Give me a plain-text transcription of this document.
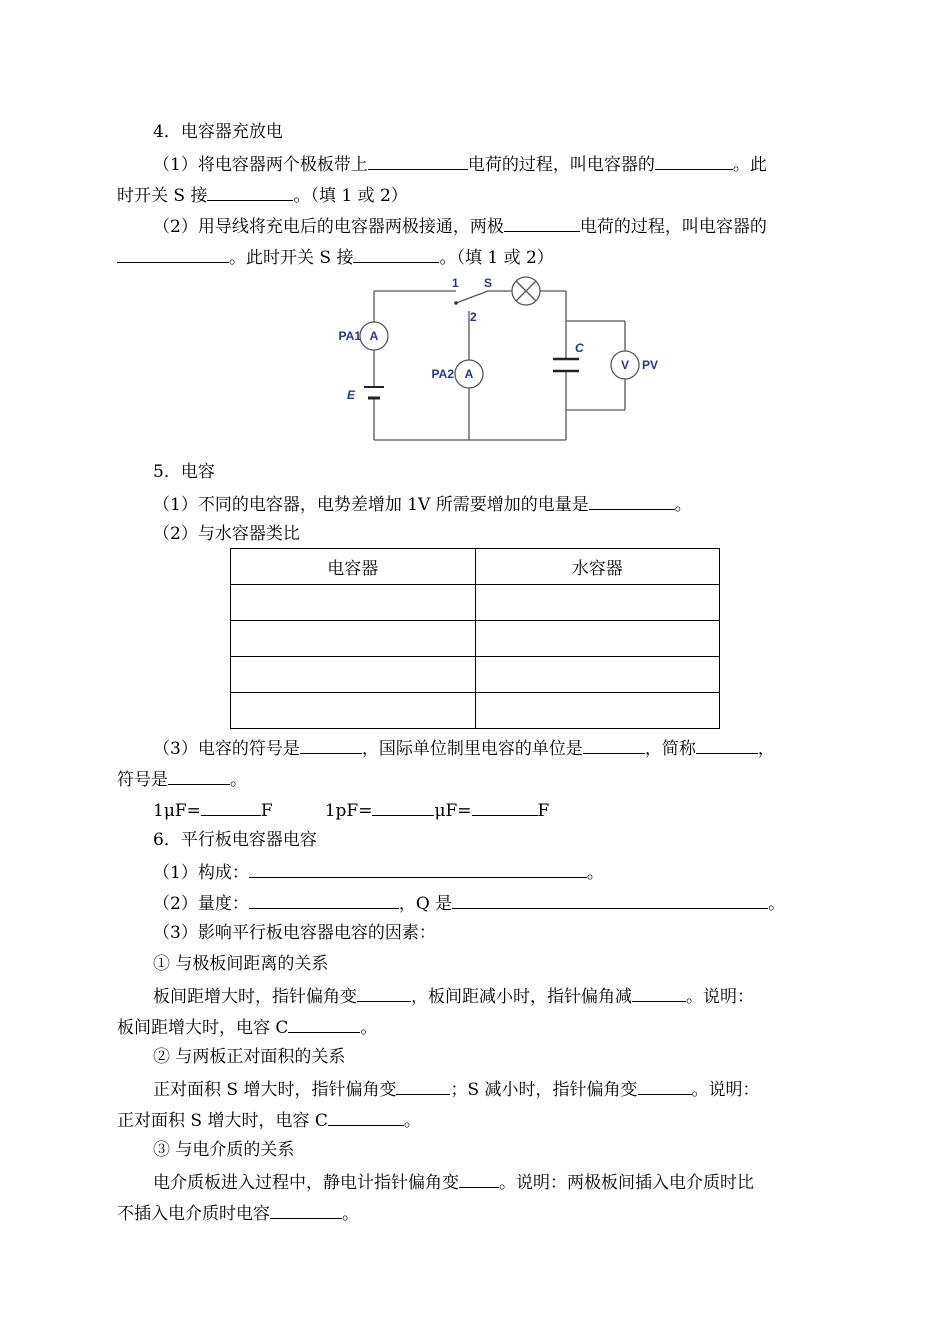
4．电容器充放电
（1）将电容器两个极板带上	电荷的过程，叫电容器的	。此
时开关 S 接	。（填 1 或 2）
（2）用导线将充电后的电容器两极接通，两极	电荷的过程，叫电容器的
。此时开关 S 接	。（填 1 或 2）
PA1
PA2
PV
1 S
2
E
C
A
A
V
5．电容
（1）不同的电容器，电势差增加 1V 所需要增加的电量是	。
（2）与水容器类比
电容器	水容器

（3）电容的符号是	，国际单位制里电容的单位是	，简称	，
符号是	。
1μF=	F	1pF=	μF=	F
6．平行板电容器电容
（1）构成：	。
（2）量度：	，Q 是	。
（3）影响平行板电容器电容的因素：
① 与极板间距离的关系
板间距增大时，指针偏角变	，板间距减小时，指针偏角减	。说明：
板间距增大时，电容 C	。
② 与两板正对面积的关系
正对面积 S 增大时，指针偏角变	；S 减小时，指针偏角变	。说明：
正对面积 S 增大时，电容 C	。
③ 与电介质的关系
电介质板进入过程中，静电计指针偏角变 。说明：两极板间插入电介质时比
不插入电介质时电容	。
